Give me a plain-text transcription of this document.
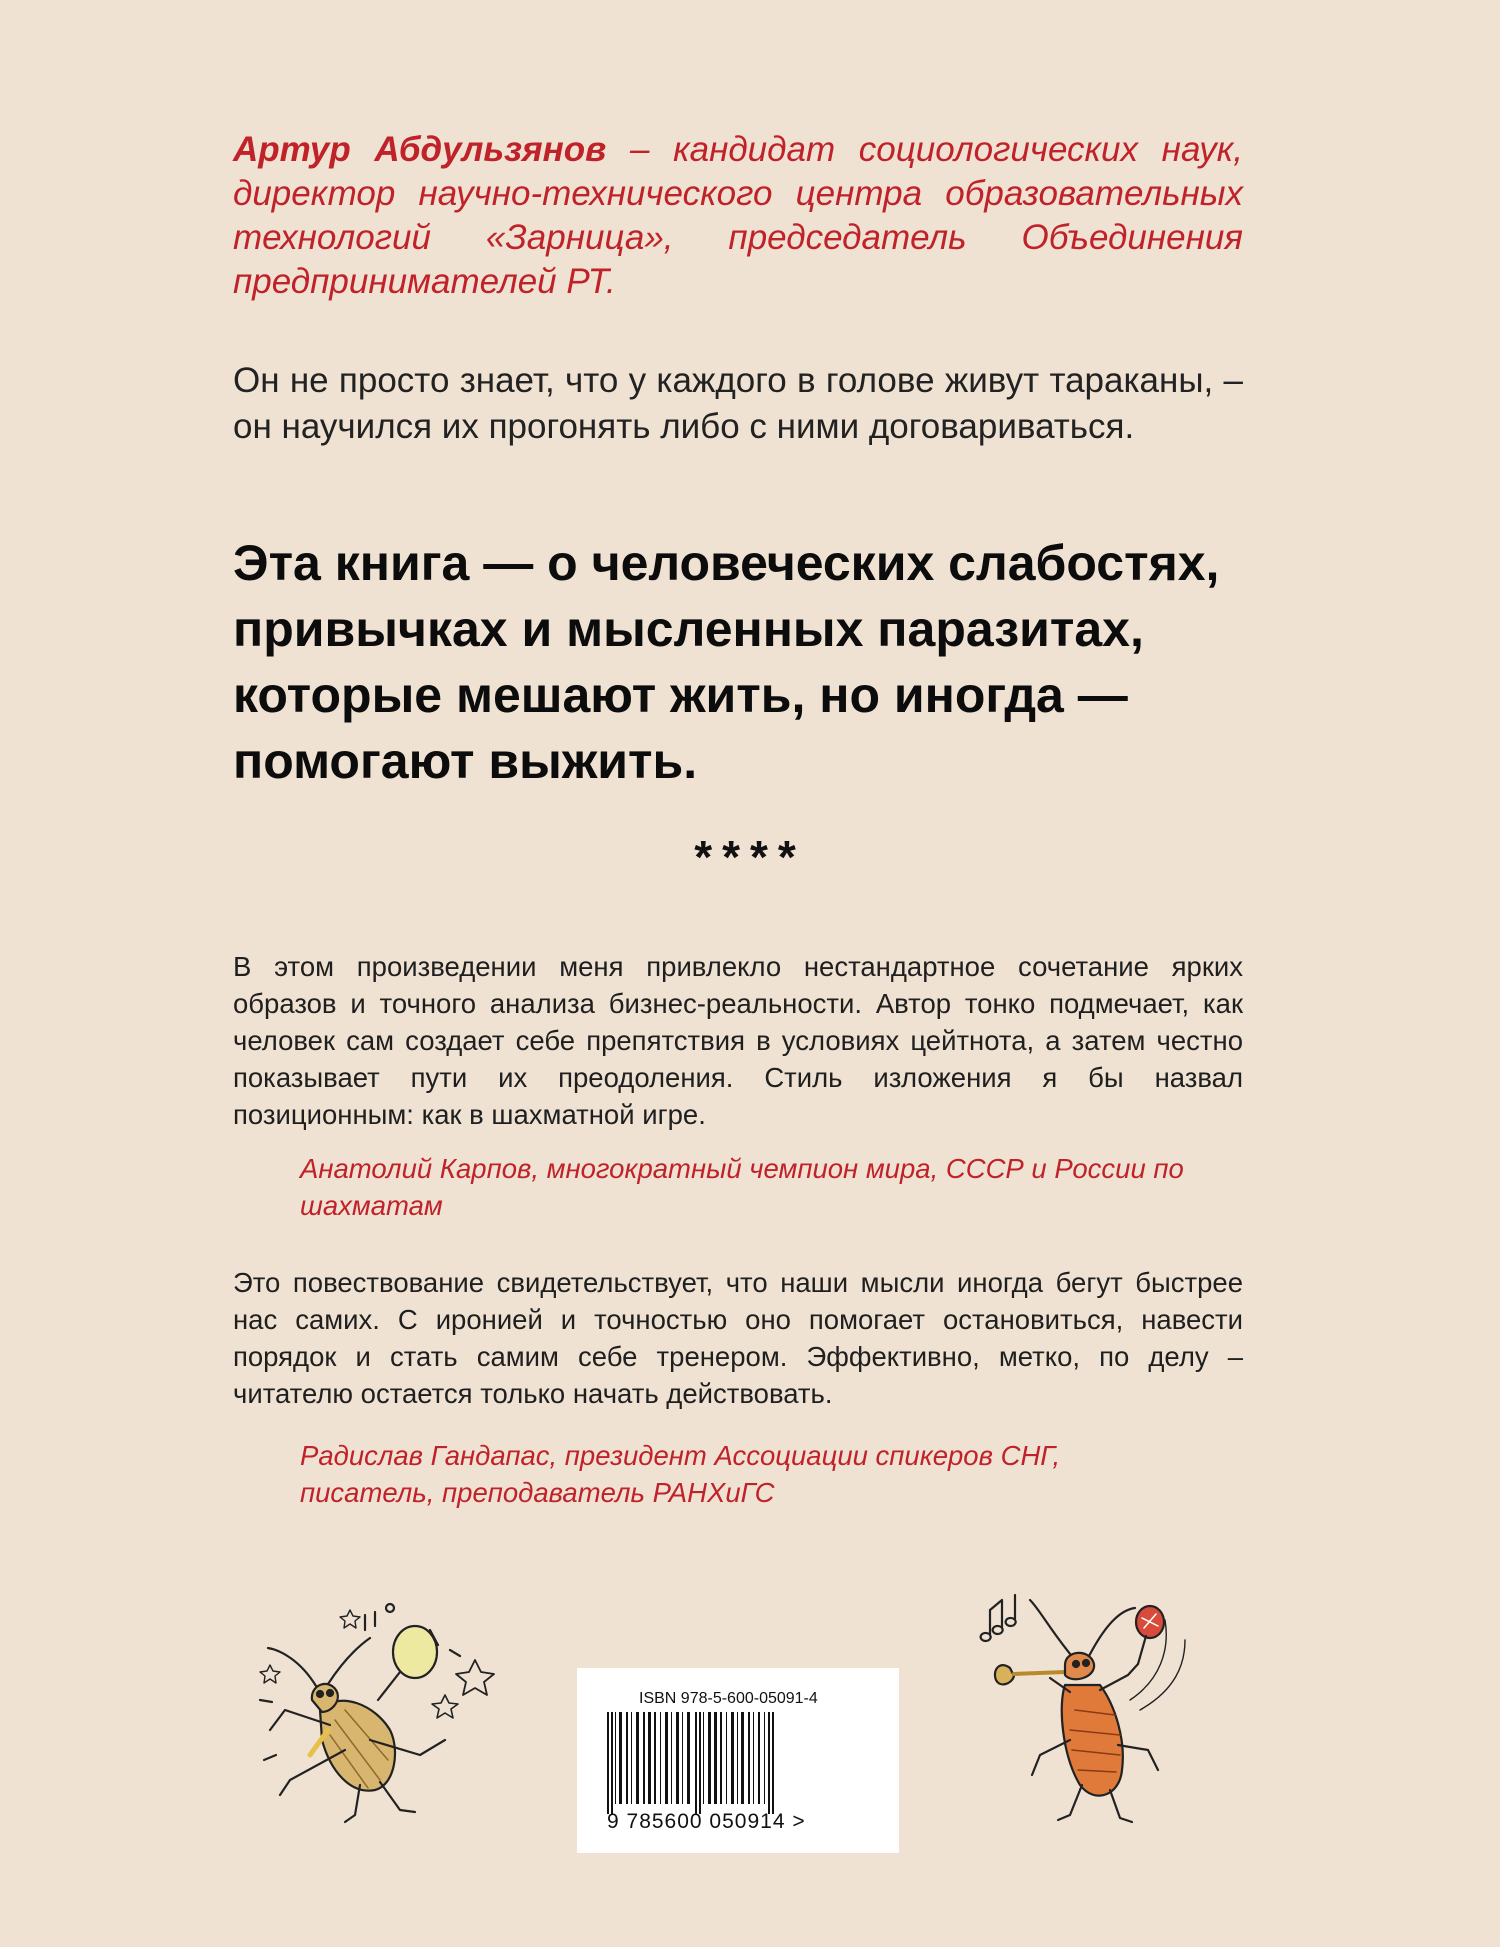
Артур Абдульзянов – кандидат социологических наук, директор научно-технического центра образовательных технологий «Зарница», председатель Объединения предпринимателей РТ.

Он не просто знает, что у каждого в голове живут тараканы, – он научился их прогонять либо с ними договариваться.

Эта книга — о человеческих слабостях,
привычках и мысленных паразитах,
которые мешают жить, но иногда —
помогают выжить.

****

В этом произведении меня привлекло нестандартное сочетание ярких образов и точного анализа бизнес-реальности. Автор тонко подмечает, как человек сам создает себе препятствия в условиях цейтнота, а затем честно показывает пути их преодоления. Стиль изложения я бы назвал позиционным: как в шахматной игре.

Анатолий Карпов, многократный чемпион мира, СССР и России по шахматам

Это повествование свидетельствует, что наши мысли иногда бегут быстрее нас самих. С иронией и точностью оно помогает остановиться, навести порядок и стать самим себе тренером. Эффективно, метко, по делу – читателю остается только начать действовать.

Радислав Гандапас, президент Ассоциации спикеров СНГ, писатель, преподаватель РАНХиГС

ISBN 978-5-600-05091-4
9 785600 050914 >
